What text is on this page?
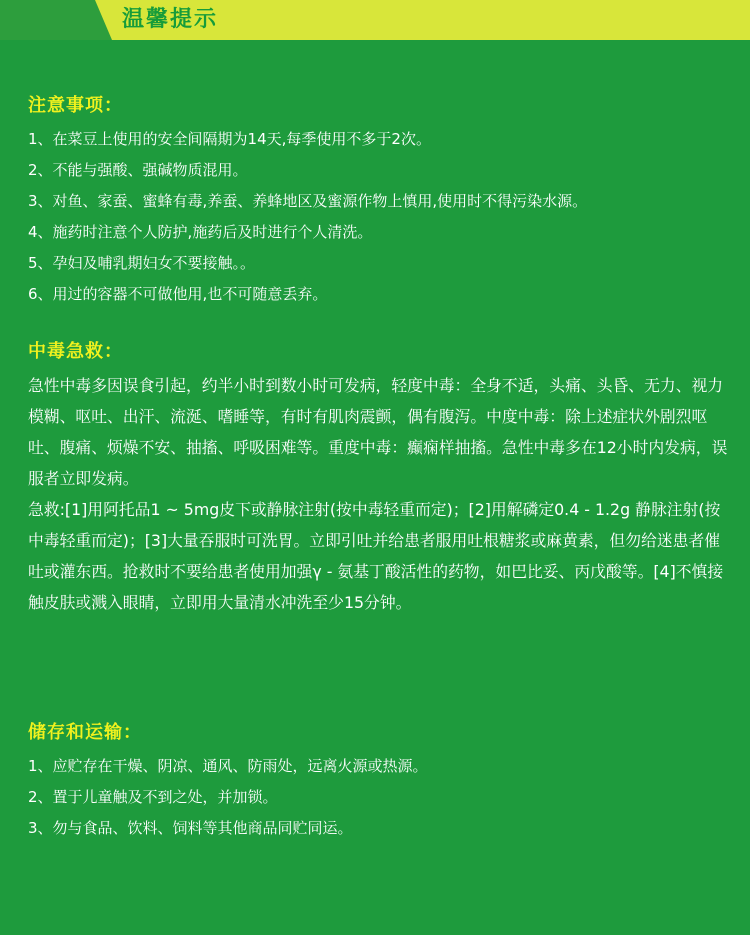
温馨提示
注意事项：
1、在菜豆上使用的安全间隔期为14天,每季使用不多于2次。
2、不能与强酸、强碱物质混用。
3、对鱼、家蚕、蜜蜂有毒,养蚕、养蜂地区及蜜源作物上慎用,使用时不得污染水源。
4、施药时注意个人防护,施药后及时进行个人清洗。
5、孕妇及哺乳期妇女不要接触。。
6、用过的容器不可做他用,也不可随意丢弃。
中毒急救：

急性中毒多因误食引起，约半小时到数小时可发病，轻度中毒：全身不适，头痛、头昏、无力、视力模糊、呕吐、出汗、流涎、嗜睡等，有时有肌肉震颤，偶有腹泻。中度中毒：除上述症状外剧烈呕吐、腹痛、烦燥不安、抽搐、呼吸困难等。重度中毒：癫痫样抽搐。急性中毒多在12小时内发病，误服者立即发病。

急救:[1]用阿托品1 ~ 5mg皮下或静脉注射(按中毒轻重而定)；[2]用解磷定0.4 - 1.2g 静脉注射(按中毒轻重而定)；[3]大量吞服时可洗胃。立即引吐并给患者服用吐根糖浆或麻黄素，但勿给迷患者催吐或灌东西。抢救时不要给患者使用加强γ - 氨基丁酸活性的药物，如巴比妥、丙戊酸等。[4]不慎接触皮肤或溅入眼睛，立即用大量清水冲洗至少15分钟。

储存和运输：
1、应贮存在干燥、阴凉、通风、防雨处，远离火源或热源。
2、置于儿童触及不到之处，并加锁。
3、勿与食品、饮料、饲料等其他商品同贮同运。
